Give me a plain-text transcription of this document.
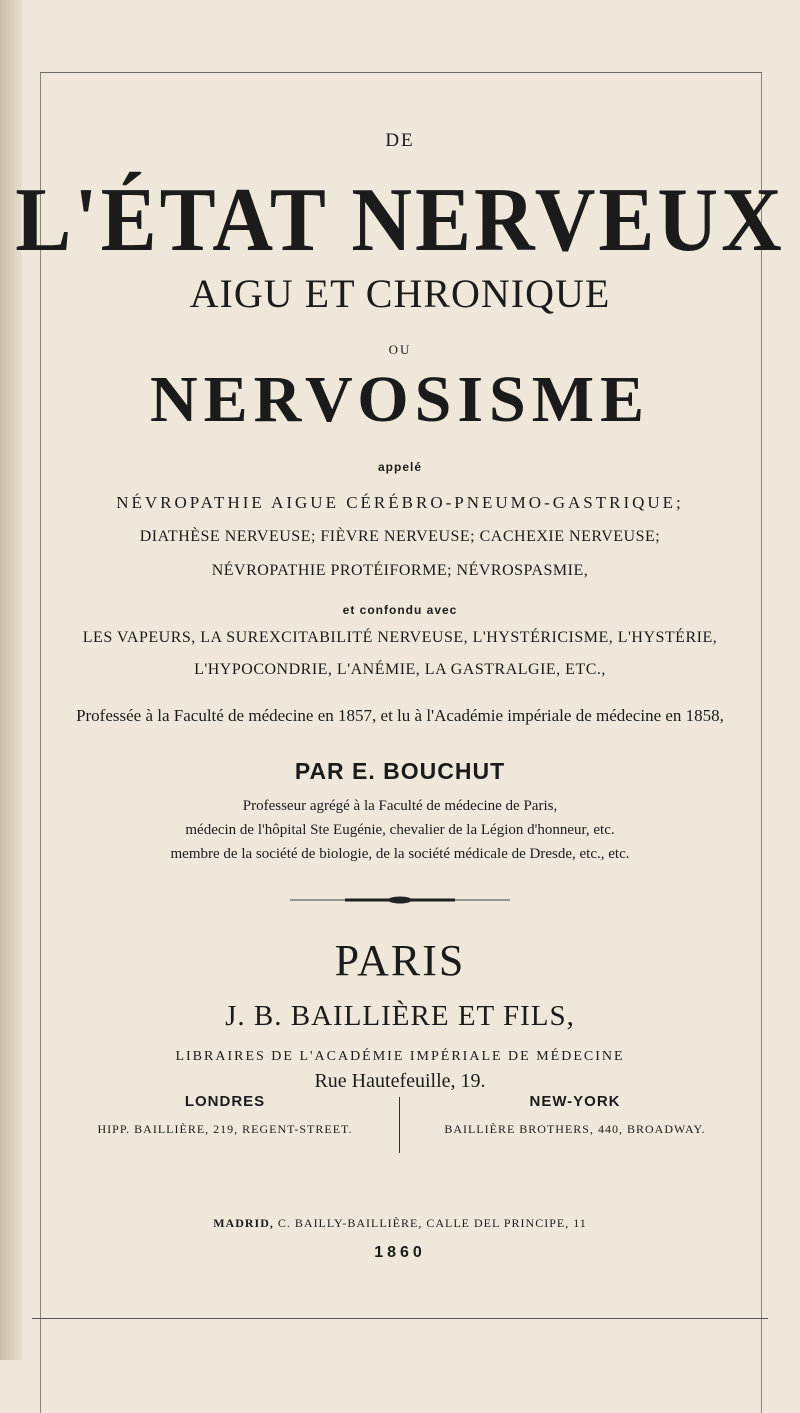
DE
L'ÉTAT NERVEUX
AIGU ET CHRONIQUE
OU
NERVOSISME
appelé
NÉVROPATHIE AIGUE CÉRÉBRO-PNEUMO-GASTRIQUE;
DIATHÈSE NERVEUSE; FIÈVRE NERVEUSE; CACHEXIE NERVEUSE;
NÉVROPATHIE PROTÉIFORME; NÉVROSPASMIE,
et confondu avec
LES VAPEURS, LA SUREXCITABILITÉ NERVEUSE, L'HYSTÉRICISME, L'HYSTÉRIE,
L'HYPOCONDRIE, L'ANÉMIE, LA GASTRALGIE, ETC.,
Professée à la Faculté de médecine en 1857, et lu à l'Académie impériale de médecine en 1858,
PAR E. BOUCHUT
Professeur agrégé à la Faculté de médecine de Paris,
médecin de l'hôpital Ste Eugénie, chevalier de la Légion d'honneur, etc.
membre de la société de biologie, de la société médicale de Dresde, etc., etc.
PARIS
J. B. BAILLIÈRE ET FILS,
LIBRAIRES DE L'ACADÉMIE IMPÉRIALE DE MÉDECINE
Rue Hautefeuille, 19.
LONDRES
HIPP. BAILLIÈRE, 219, REGENT-STREET.
NEW-YORK
BAILLIÈRE BROTHERS, 440, BROADWAY.
MADRID, C. BAILLY-BAILLIÈRE, CALLE DEL PRINCIPE, 11
1860
